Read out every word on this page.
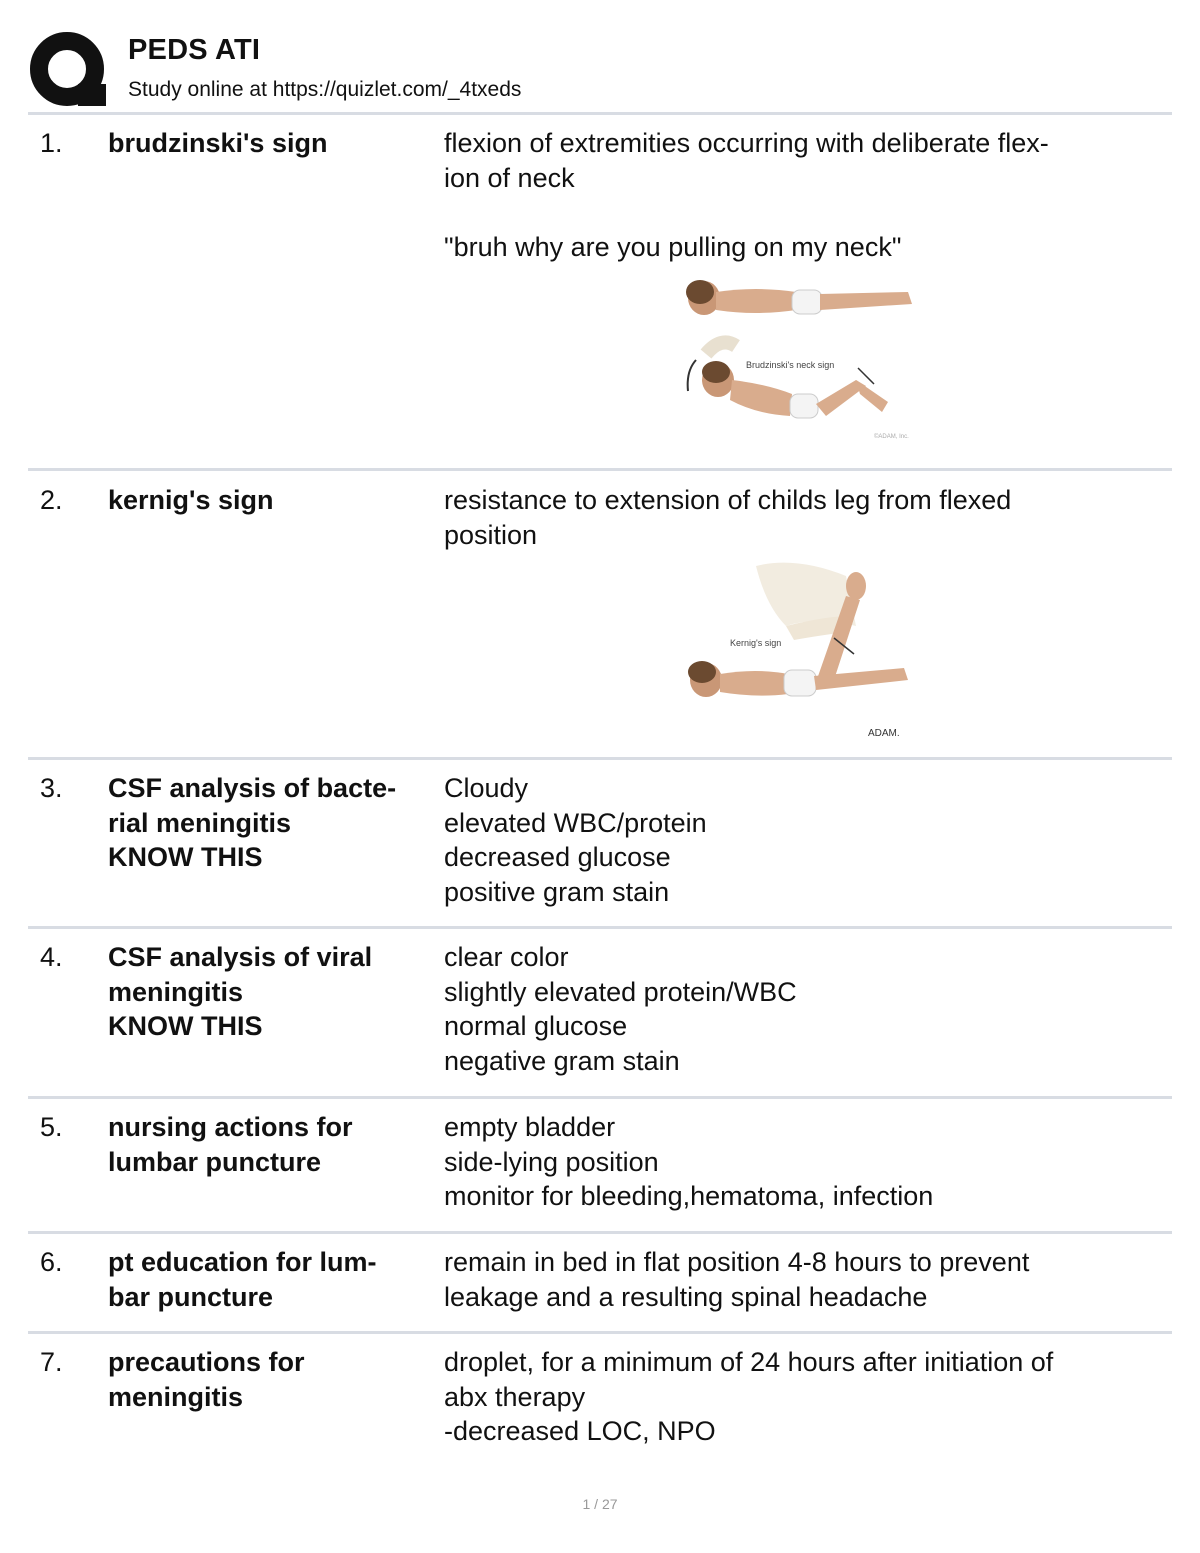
PEDS ATI
Study online at https://quizlet.com/_4txeds
1. brudzinski's sign	flexion of extremities occurring with deliberate flex-
ion of neck
"bruh why are you pulling on my neck"
Brudzinski's neck sign
©ADAM, Inc.
2. kernig's sign	resistance to extension of childs leg from flexed
position
Kernig's sign
ADAM.
3. CSF analysis of bacte-
rial meningitis
KNOW THIS
Cloudy
elevated WBC/protein
decreased glucose
positive gram stain
4. CSF analysis of viral
meningitis
KNOW THIS
clear color
slightly elevated protein/WBC
normal glucose
negative gram stain
5. nursing actions for
lumbar puncture
empty bladder
side-lying position
monitor for bleeding,hematoma, infection
6. pt education for lum-
bar puncture
remain in bed in flat position 4-8 hours to prevent
leakage and a resulting spinal headache
7. precautions for
meningitis
droplet, for a minimum of 24 hours after initiation of
abx therapy
-decreased LOC, NPO
1 / 27
